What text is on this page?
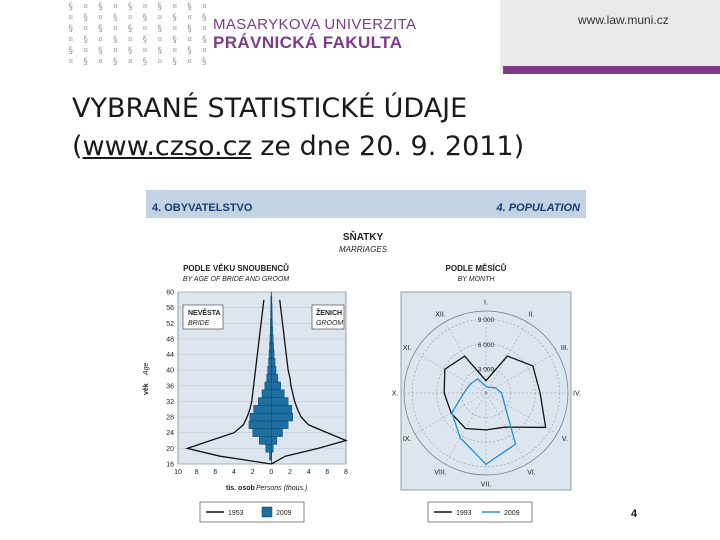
§ ¤ § ¤ § ¤ § ¤
¤ § ¤ § ¤ § ¤ §
§ ¤ § ¤ § ¤ § ¤
¤ § ¤ § ¤ § ¤ §
§ ¤ § ¤ § ¤ § ¤
¤ § ¤ § ¤ § ¤ §
MASARYKOVA UNIVERZITA
PRÁVNICKÁ FAKULTA
www.law.muni.cz
VYBRANÉ STATISTICKÉ ÚDAJE
(www.czso.cz ze dne 20. 9. 2011)
4. OBYVATELSTVO	4. POPULATION
SŇATKY
MARRIAGES
PODLE VĚKU SNOUBENCŮ
BY AGE OF BRIDE AND GROOM
16
20
24
28
32
36
40
44
48
52
56
60
10 8 6 4 2 0 2 4 6 8
NEVĚSTA
BRIDE
ŽENICH
GROOM
věk
Age
tis. osob Persons (thous.)
1953	2009
PODLE MĚSÍCŮ
BY MONTH
I.
II.
III.
IV.
V.
VI.
VII.
VIII.
IX.
X.
XI.
XII.
3 000
6 000
9 000
1993	2009	4
